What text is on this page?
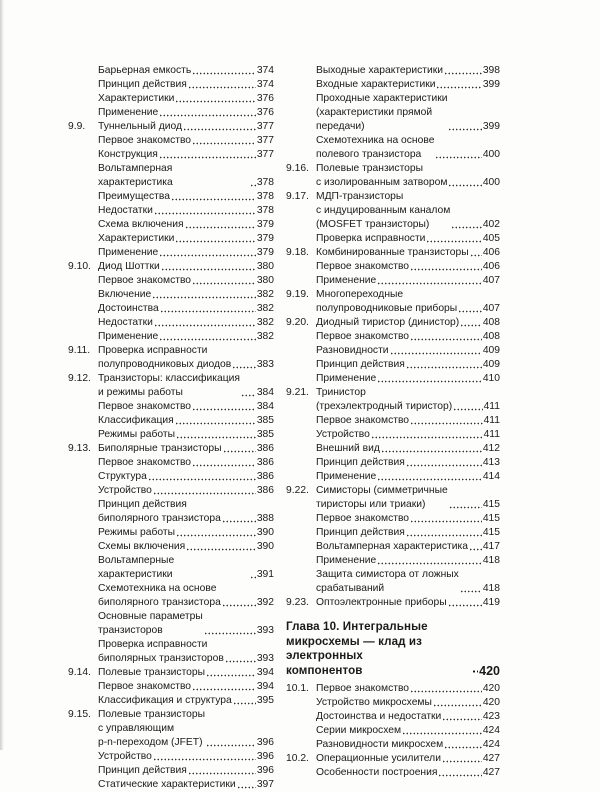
Барьерная емкость	374
Принцип действия	374
Характеристики	376
Применение	376
9.9. Туннельный диод	377
Первое знакомство	377
Конструкция	377
Вольтамперная характеристика	378
Преимущества	378
Недостатки	378
Схема включения	379
Характеристики	379
Применение	379
9.10. Диод Шоттки	380
Первое знакомство	380
Включение	382
Достоинства	382
Недостатки	382
Применение	382
9.11. Проверка исправности
полупроводниковых диодов 383
9.12. Транзисторы: классификация
и режимы работы	384
Первое знакомство	384
Классификация	385
Режимы работы	385
9.13. Биполярные транзисторы	386
Первое знакомство	386
Структура	386
Устройство	386
Принцип действия
биполярного транзистора	388
Режимы работы	390
Схемы включения	390
Вольтамперные характеристики	391
Схемотехника на основе
биполярного транзистора	392
Основные параметры
транзисторов	393
Проверка исправности
биполярных транзисторов	393
9.14. Полевые транзисторы	394
Первое знакомство	394
Классификация и структура 395
9.15. Полевые транзисторы
с управляющим
p-n-переходом (JFET)	396
Устройство	396
Принцип действия	396
Статические характеристики 397
Выходные характеристики	398
Входные характеристики	399
Проходные характеристики
(характеристики прямой
передачи)	399
Схемотехника на основе
полевого транзистора	400
9.16. Полевые транзисторы
с изолированным затвором	400
9.17. МДП-транзисторы
с индуцированным каналом
(MOSFET транзисторы)	402
Проверка исправности	405
9.18. Комбинированные транзисторы 406
Первое знакомство	406
Применение	407
9.19. Многопереходные
полупроводниковые приборы 407
9.20. Диодный тиристор (динистор) 408
Первое знакомство	408
Разновидности	409
Принцип действия	409
Применение	410
9.21. Тринистор
(трехэлектродный тиристор)	411
Первое знакомство	411
Устройство	411
Внешний вид	412
Принцип действия	413
Применение	414
9.22. Симисторы (симметричные
тиристоры или триаки)	415
Первое знакомство	415
Принцип действия	415
Вольтамперная характеристика 417
Применение	418
Защита симистора от ложных
срабатываний	418
9.23. Оптоэлектронные приборы	419
Глава 10. Интегральные
микросхемы — клад из электронных
компонентов	420
10.1. Первое знакомство	420
Устройство микросхемы	420
Достоинства и недостатки	423
Серии микросхем	424
Разновидности микросхем	424
10.2. Операционные усилители	427
Особенности построения	427
